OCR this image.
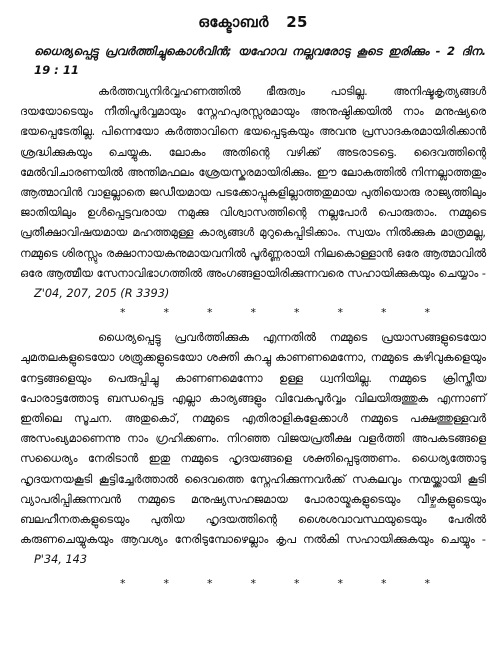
ഒക്ടോബർ 25

ധൈര്യപ്പെട്ടു പ്രവർത്തിച്ചുകൊൾവിൻ; യഹോവ നല്ലവരോടു കൂടെ ഇരിക്കും - 2 ദിന. 19 : 11

കർത്തവ്യനിർവ്വഹണത്തിൽ ഭീരുത്വം പാടില്ല. അനിഷ്ടകൃത്യങ്ങൾ ദയയോടെയും നീതിപൂർവ്വമായും സ്നേഹപുരസ്സരമായും അനുഷ്ഠിക്കയിൽ നാം മനുഷ്യരെ ഭയപ്പെടേതില്ല. പിന്നെയോ കർത്താവിനെ ഭയപ്പെടുകയും അവനു പ്രസാദകരമായിരിക്കാൻ ശ്രദ്ധിക്കുകയും ചെയ്യുക. ലോകം അതിന്റെ വഴിക്ക് അടരാടട്ടെ. ദൈവത്തിന്റെ മേൽവിചാരണയിൽ അന്തിമഫലം ശ്രേയസ്കരമായിരിക്കും. ഈ ലോകത്തിൽ നിന്നല്ലാത്തതും ആത്മാവിൻ വാളല്ലാതെ ജഡീയമായ പടക്കോപ്പുകളില്ലാത്തതുമായ പുതിയൊരു രാജ്യത്തിലും ജാതിയിലും ഉൾപ്പെട്ടവരായ നമുക്കു വിശ്വാസത്തിന്റെ നല്ലപോർ പൊരുതാം. നമ്മുടെ പ്രതീക്ഷാവിഷയമായ മഹത്തമുള്ള കാര്യങ്ങൾ മുറുകെപ്പിടിക്കാം. സ്വയം നിൽക്കുക മാത്രമല്ല, നമ്മുടെ ശിരസ്സും രക്ഷാനായകനുമായവനിൽ പൂർണ്ണരായി നിലകൊള്ളാൻ ഒരേ ആത്മാവിൽ ഒരേ ആത്മീയ സേനാവിഭാഗത്തിൽ അംഗങ്ങളായിരിക്കുന്നവരെ സഹായിക്കുകയും ചെയ്യാം - Z'04, 207, 205 (R 3393)

*	*	*	*	*	*	*	*

ധൈര്യപ്പെട്ടു പ്രവർത്തിക്കുക എന്നതിൽ നമ്മുടെ പ്രയാസങ്ങളുടെയോ ചുമതലകളുടെയോ ശത്രുക്കളുടെയോ ശക്തി കുറച്ചു കാണണമെന്നോ, നമ്മുടെ കഴിവുകളെയും നേട്ടങ്ങളെയും പെരുപ്പിച്ചു കാണണമെന്നോ ഉള്ള ധ്വനിയില്ല. നമ്മുടെ ക്രിസ്തീയ പോരാട്ടത്തോടു ബന്ധപ്പെട്ട എല്ലാ കാര്യങ്ങളും വിവേകപൂർവ്വം വിലയിരുത്തുക എന്നാണ് ഇതിലെ സൂചന. അതുകൊ്, നമ്മുടെ എതിരാളികളേക്കാൾ നമ്മുടെ പക്ഷത്തുള്ളവർ അസംഖ്യമാണെന്നു നാം ഗ്രഹിക്കണം. നിറഞ്ഞ വിജയപ്രതീക്ഷ വളർത്തി അപകടങ്ങളെ സധൈര്യം നേരിടാൻ ഇതു നമ്മുടെ ഹൃദയങ്ങളെ ശക്തിപ്പെടുത്തണം. ധൈര്യത്തോടു ഹൃദയനയകൂടി കൂട്ടിച്ചേർത്താൽ ദൈവത്തെ സ്നേഹിക്കുന്നവർക്ക് സകലവും നന്മയ്ക്കായി കൂടി വ്യാപരിപ്പിക്കുന്നവൻ നമ്മുടെ മനുഷ്യസഹജമായ പോരായ്മകളുടെയും വീഴ്ചകളുടെയും ബലഹീനതകളുടെയും പുതിയ ഹൃദയത്തിന്റെ ശൈശവാവസ്ഥയുടെയും പേരിൽ കരുണചെയ്യുകയും ആവശ്യം നേരിടുമ്പോഴെല്ലാം കൃപ നൽകി സഹായിക്കുകയും ചെയ്യും - P'34, 143

*	*	*	*	*	*	*	*
